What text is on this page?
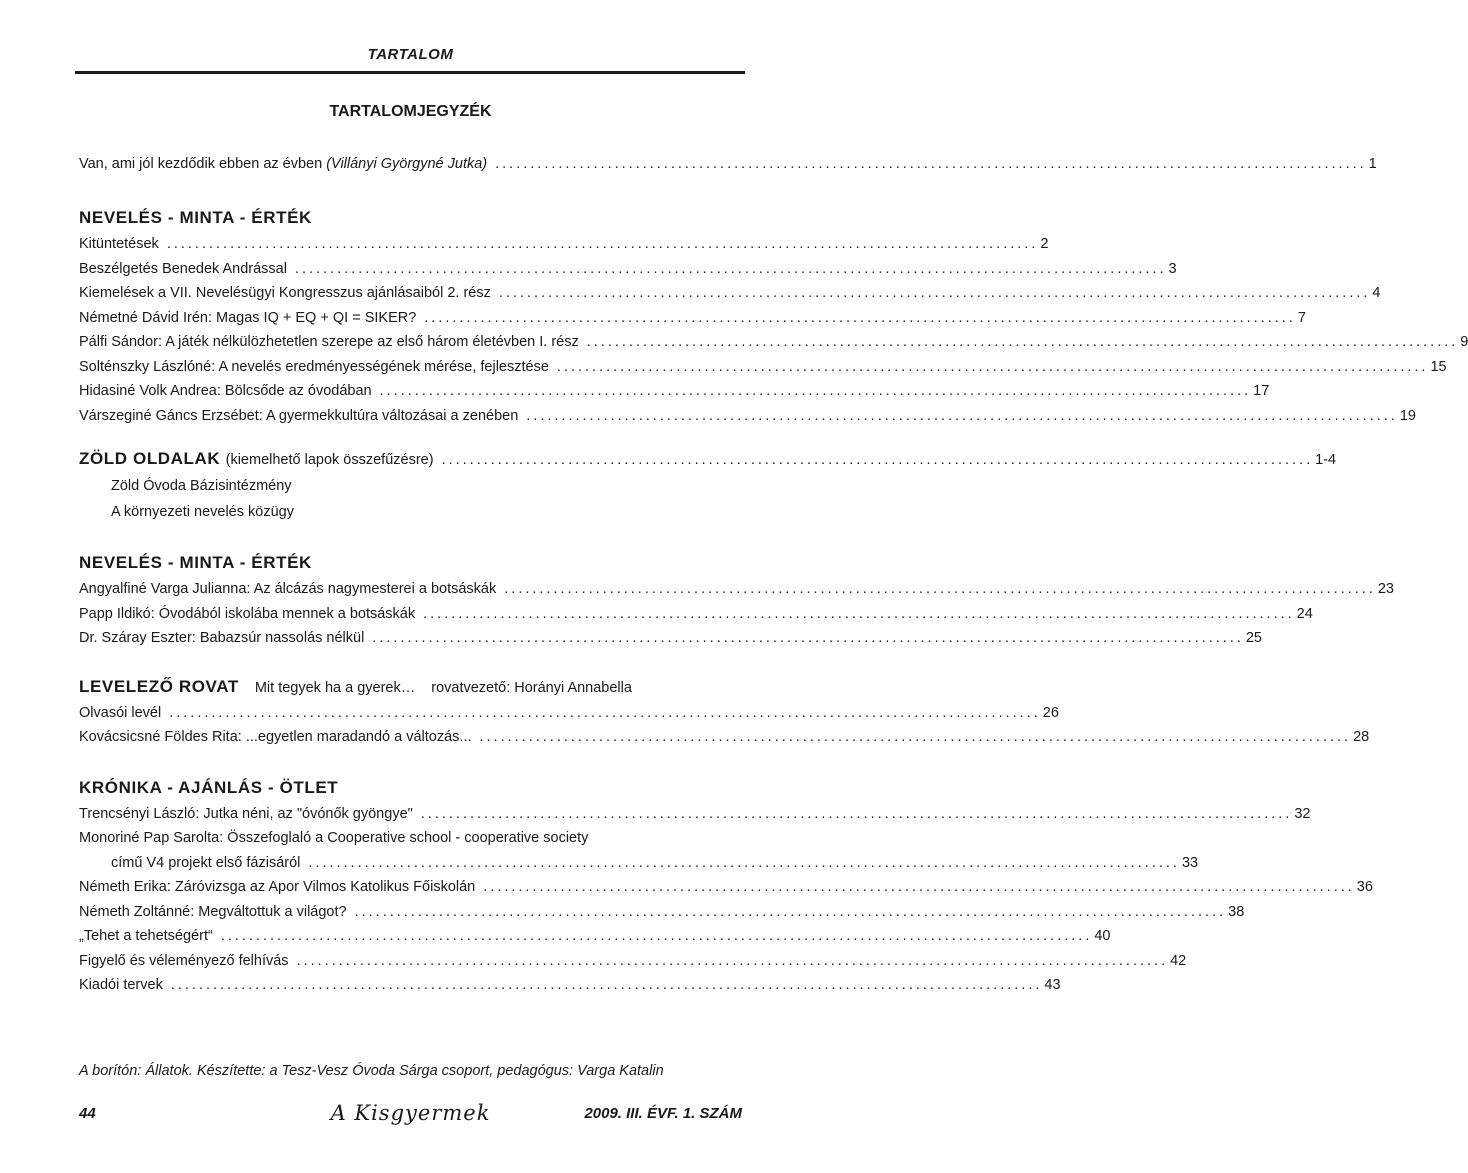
TARTALOM
TARTALOMJEGYZÉK
Van, ami jól kezdődik ebben az évben (Villányi Györgyné Jutka) ............................................................................................................................ 1
NEVELÉS - MINTA - ÉRTÉK
Kitüntetések ............................................................................................................................ 2
Beszélgetés Benedek Andrással ............................................................................................................................ 3
Kiemelések a VII. Nevelésügyi Kongresszus ajánlásaiból 2. rész ............................................................................................................................ 4
Németné Dávid Irén: Magas IQ + EQ + QI = SIKER? ............................................................................................................................ 7
Pálfi Sándor: A játék nélkülözhetetlen szerepe az első három életévben I. rész ............................................................................................................................ 9
Solténszky Lászlóné: A nevelés eredményességének mérése, fejlesztése ............................................................................................................................ 15
Hidasiné Volk Andrea: Bölcsőde az óvodában ............................................................................................................................ 17
Várszeginé Gáncs Erzsébet: A gyermekkultúra változásai a zenében ............................................................................................................................ 19
ZÖLD OLDALAK
(kiemelhető lapok összefűzésre) ............................................................................................................................ 1-4
Zöld Óvoda Bázisintézmény
A környezeti nevelés közügy
NEVELÉS - MINTA - ÉRTÉK
Angyalfiné Varga Julianna: Az álcázás nagymesterei a botsáskák ............................................................................................................................ 23
Papp Ildikó: Óvodából iskolába mennek a botsáskák ............................................................................................................................ 24
Dr. Száray Eszter: Babazsúr nassolás nélkül ............................................................................................................................ 25
LEVELEZŐ ROVAT Mit tegyek ha a gyerek… rovatvezető: Horányi Annabella
Olvasói levél ............................................................................................................................ 26
Kovácsicsné Földes Rita: ...egyetlen maradandó a változás... ............................................................................................................................ 28
KRÓNIKA - AJÁNLÁS - ÖTLET
Trencsényi László: Jutka néni, az "óvónők gyöngye" ............................................................................................................................ 32
Monoriné Pap Sarolta: Összefoglaló a Cooperative school - cooperative society
című V4 projekt első fázisáról ............................................................................................................................ 33
Németh Erika: Záróvizsga az Apor Vilmos Katolikus Főiskolán ............................................................................................................................ 36
Németh Zoltánné: Megváltottuk a világot? ............................................................................................................................ 38
„Tehet a tehetségért“ ............................................................................................................................ 40
Figyelő és véleményező felhívás ............................................................................................................................ 42
Kiadói tervek ............................................................................................................................ 43
A borítón: Állatok. Készítette: a Tesz-Vesz Óvoda Sárga csoport, pedagógus: Varga Katalin
44	A Kisgyermek	2009. III. ÉVF. 1. SZÁM
